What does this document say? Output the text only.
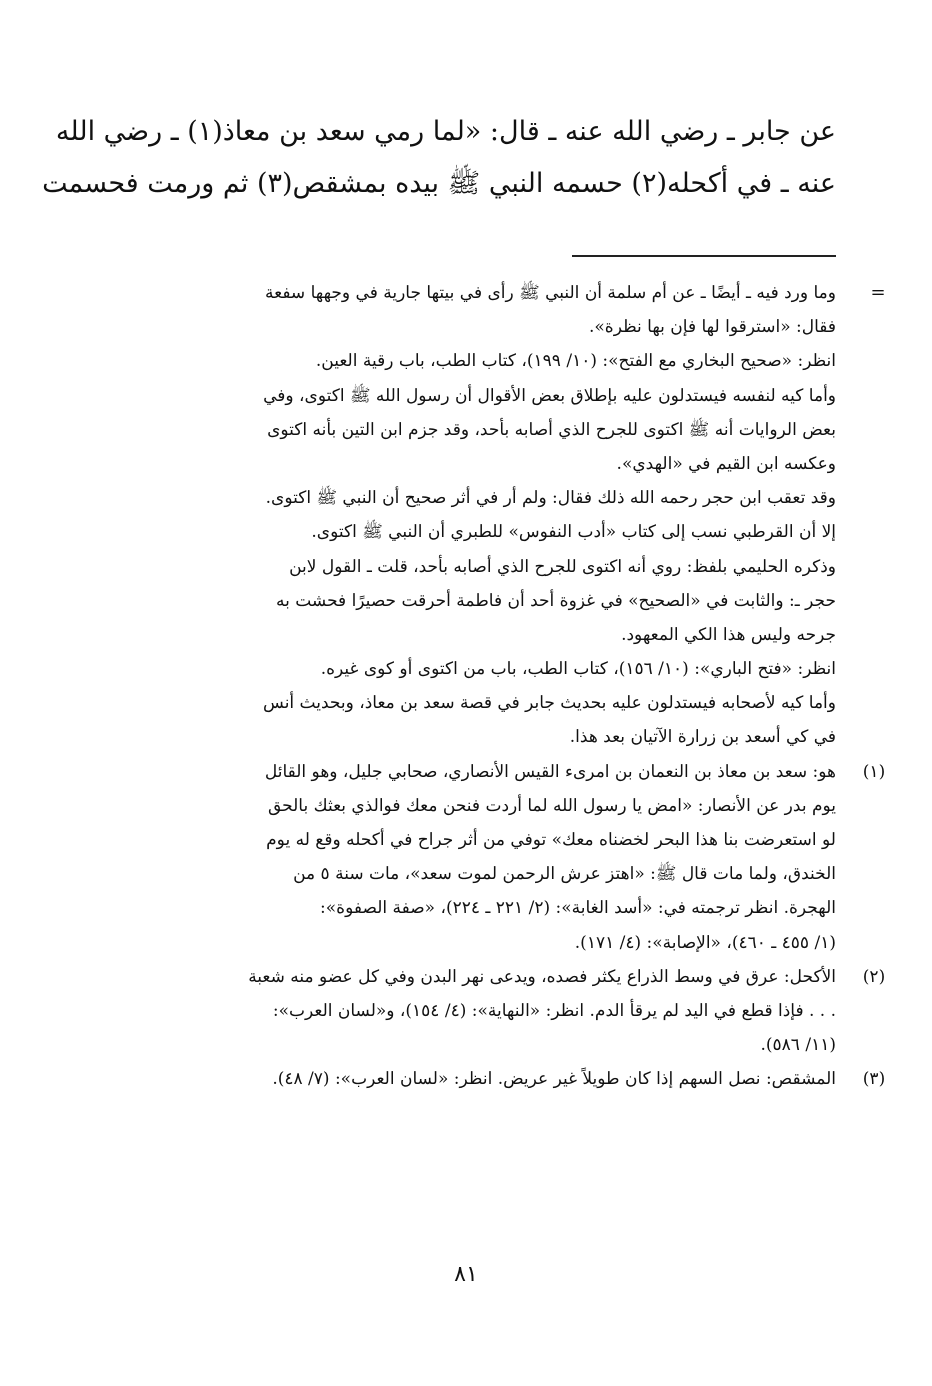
عن جابر ـ رضي الله عنه ـ قال: «لما رمي سعد بن معاذ(١) ـ رضي الله
عنه ـ في أكحله(٢) حسمه النبي ﷺ بيده بمشقص(٣) ثم ورمت فحسمت
=
وما ورد فيه ـ أيضًا ـ عن أم سلمة أن النبي ﷺ رأى في بيتها جارية في وجهها سفعة
فقال: «استرقوا لها فإن بها نظرة».
انظر: «صحيح البخاري مع الفتح»: (١٠/ ١٩٩)، كتاب الطب، باب رقية العين.
وأما كيه لنفسه فيستدلون عليه بإطلاق بعض الأقوال أن رسول الله ﷺ اكتوى، وفي
بعض الروايات أنه ﷺ اكتوى للجرح الذي أصابه بأحد، وقد جزم ابن التين بأنه اكتوى
وعكسه ابن القيم في «الهدي».
وقد تعقب ابن حجر رحمه الله ذلك فقال: ولم أر في أثر صحيح أن النبي ﷺ اكتوى.
إلا أن القرطبي نسب إلى كتاب «أدب النفوس» للطبري أن النبي ﷺ اكتوى.
وذكره الحليمي بلفظ: روي أنه اكتوى للجرح الذي أصابه بأحد، قلت ـ القول لابن
حجر ـ: والثابت في «الصحيح» في غزوة أحد أن فاطمة أحرقت حصيرًا فحشت به
جرحه وليس هذا الكي المعهود.
انظر: «فتح الباري»: (١٠/ ١٥٦)، كتاب الطب، باب من اكتوى أو كوى غيره.
وأما كيه لأصحابه فيستدلون عليه بحديث جابر في قصة سعد بن معاذ، وبحديث أنس
في كي أسعد بن زرارة الآتيان بعد هذا.
(١)
هو: سعد بن معاذ بن النعمان بن امرىء القيس الأنصاري، صحابي جليل، وهو القائل
يوم بدر عن الأنصار: «امض يا رسول الله لما أردت فنحن معك فوالذي بعثك بالحق
لو استعرضت بنا هذا البحر لخضناه معك» توفي من أثر جراح في أكحله وقع له يوم
الخندق، ولما مات قال ﷺ: «اهتز عرش الرحمن لموت سعد»، مات سنة ٥ من
الهجرة. انظر ترجمته في: «أسد الغابة»: (٢/ ٢٢١ ـ ٢٢٤)، «صفة الصفوة»:
(١/ ٤٥٥ ـ ٤٦٠)، «الإصابة»: (٤/ ١٧١).
(٢)
الأكحل: عرق في وسط الذراع يكثر فصده، ويدعى نهر البدن وفي كل عضو منه شعبة
. . . فإذا قطع في اليد لم يرقأ الدم. انظر: «النهاية»: (٤/ ١٥٤)، و«لسان العرب»:
(١١/ ٥٨٦).
(٣)
المشقص: نصل السهم إذا كان طويلاً غير عريض. انظر: «لسان العرب»: (٧/ ٤٨).
٨١
